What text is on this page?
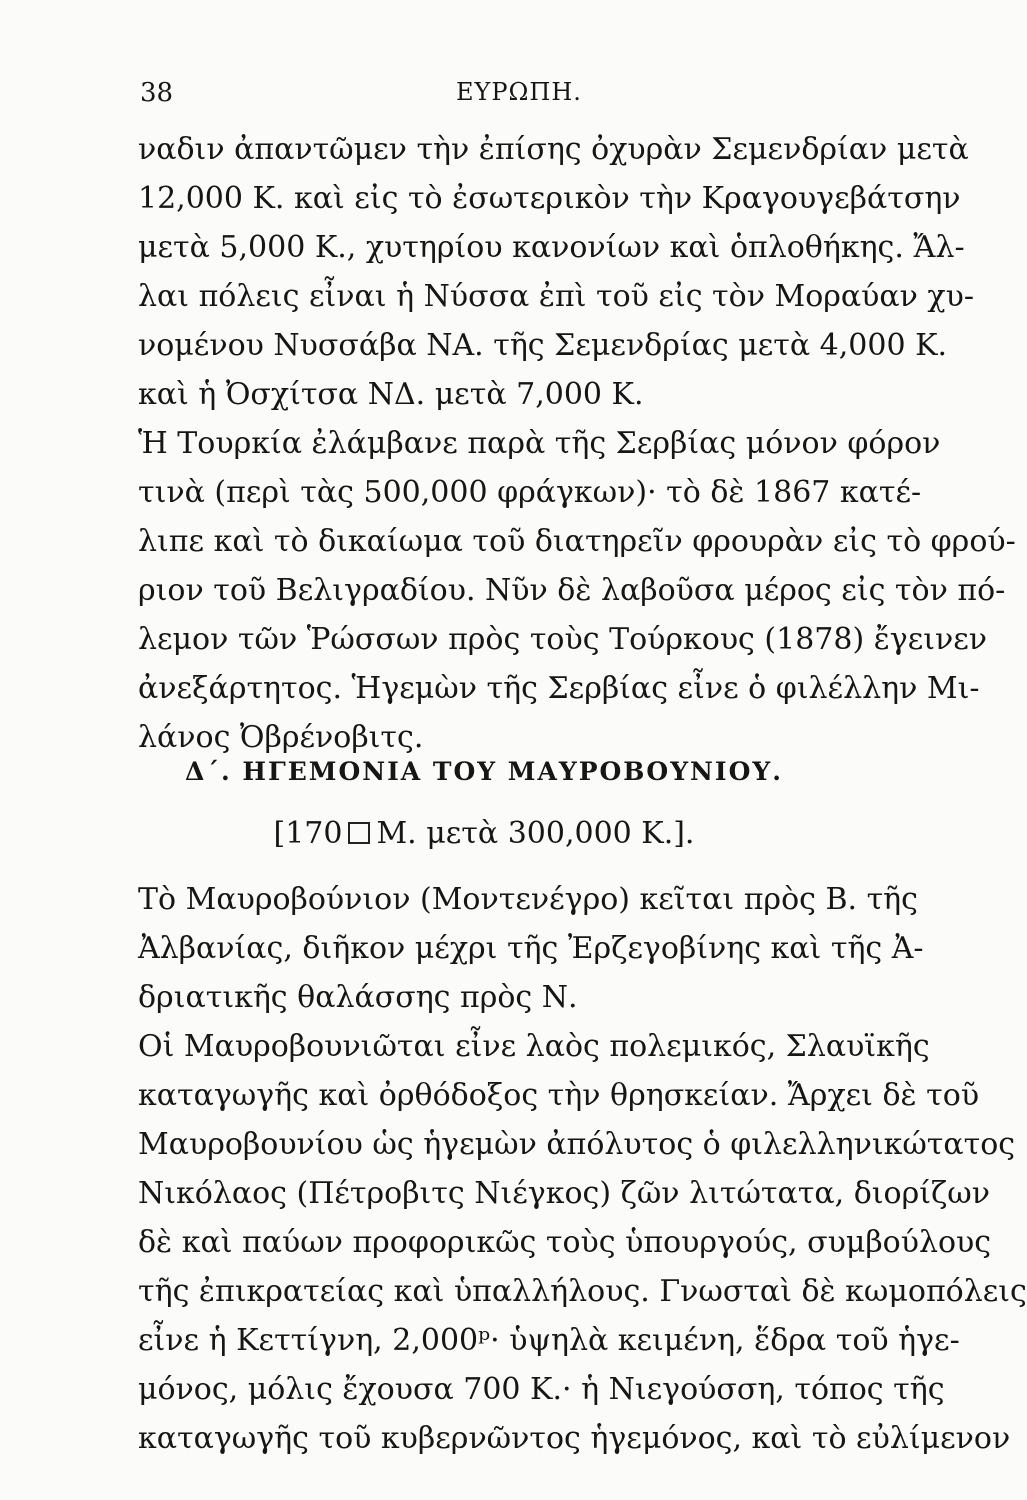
38	ΕΥΡΩΠΗ.
ναδιν ἀπαντῶμεν τὴν ἐπίσης ὀχυρὰν Σεμενδρίαν μετὰ
12,000 Κ. καὶ εἰς τὸ ἐσωτερικὸν τὴν Κραγουγεβάτσην
μετὰ 5,000 Κ., χυτηρίου κανονίων καὶ ὁπλοθήκης. Ἄλ-
λαι πόλεις εἶναι ἡ Νύσσα ἐπὶ τοῦ εἰς τὸν Μοραύαν χυ-
νομένου Νυσσάβα ΝΑ. τῆς Σεμενδρίας μετὰ 4,000 Κ.
καὶ ἡ Ὀσχίτσα ΝΔ. μετὰ 7,000 Κ.
Ἡ Τουρκία ἐλάμβανε παρὰ τῆς Σερβίας μόνον φόρον
τινὰ (περὶ τὰς 500,000 φράγκων)· τὸ δὲ 1867 κατέ-
λιπε καὶ τὸ δικαίωμα τοῦ διατηρεῖν φρουρὰν εἰς τὸ φρού-
ριον τοῦ Βελιγραδίου. Νῦν δὲ λαβοῦσα μέρος εἰς τὸν πό-
λεμον τῶν Ῥώσσων πρὸς τοὺς Τούρκους (1878) ἔγεινεν
ἀνεξάρτητος. Ἡγεμὼν τῆς Σερβίας εἶνε ὁ φιλέλλην Μι-
λάνος Ὀβρένοβιτς.
Δ΄. ΗΓΕΜΟΝΙΑ ΤΟΥ ΜΑΥΡΟΒΟΥΝΙΟΥ.
[170 Μ. μετὰ 300,000 Κ.].
Τὸ Μαυροβούνιον (Μοντενέγρο) κεῖται πρὸς Β. τῆς
Ἀλβανίας, διῆκον μέχρι τῆς Ἐρζεγοβίνης καὶ τῆς Ἀ-
δριατικῆς θαλάσσης πρὸς Ν.
Οἱ Μαυροβουνιῶται εἶνε λαὸς πολεμικός, Σλαυϊκῆς
καταγωγῆς καὶ ὀρθόδοξος τὴν θρησκείαν. Ἄρχει δὲ τοῦ
Μαυροβουνίου ὡς ἡγεμὼν ἀπόλυτος ὁ φιλελληνικώτατος
Νικόλαος (Πέτροβιτς Νιέγκος) ζῶν λιτώτατα, διορίζων
δὲ καὶ παύων προφορικῶς τοὺς ὑπουργούς, συμβούλους
τῆς ἐπικρατείας καὶ ὑπαλλήλους. Γνωσταὶ δὲ κωμοπόλεις
εἶνε ἡ Κεττίγνη, 2,000ᵖ· ὑψηλὰ κειμένη, ἕδρα τοῦ ἡγε-
μόνος, μόλις ἔχουσα 700 Κ.· ἡ Νιεγούσση, τόπος τῆς
καταγωγῆς τοῦ κυβερνῶντος ἡγεμόνος, καὶ τὸ εὐλίμενον
